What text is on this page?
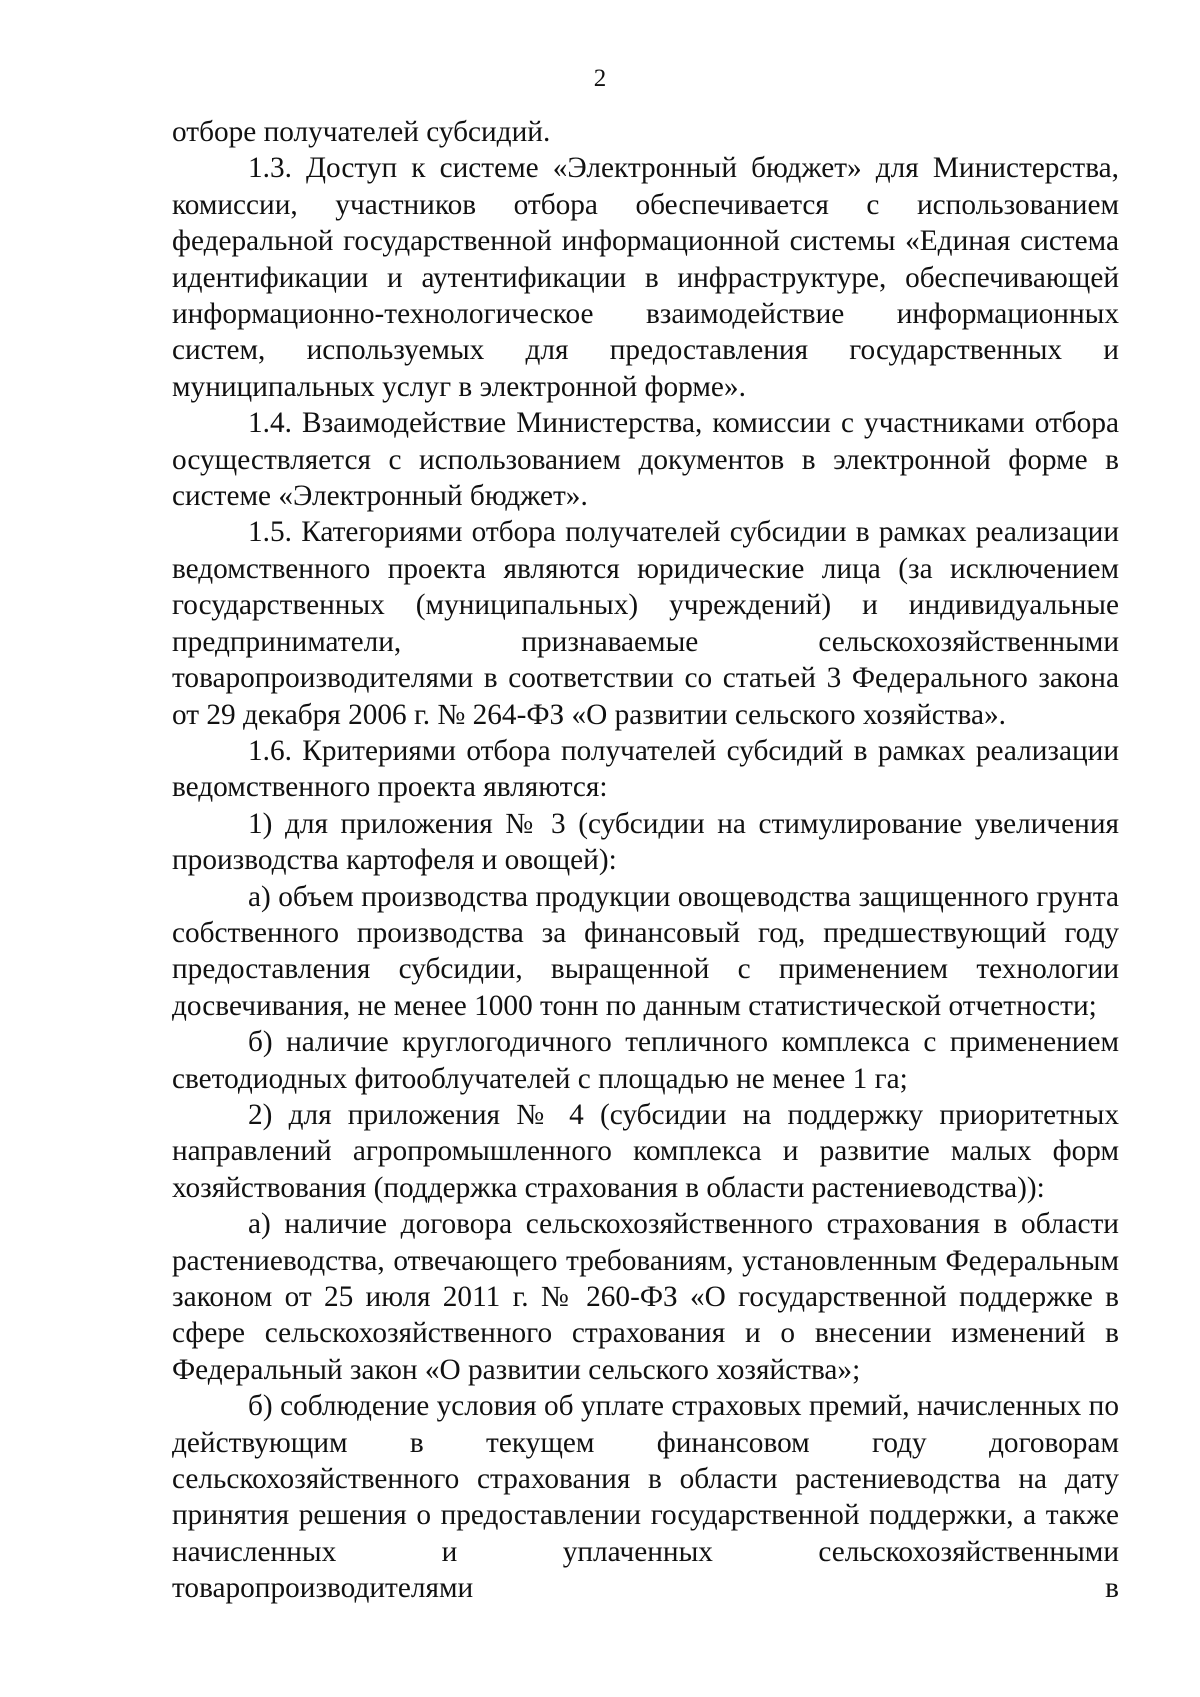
2

отборе получателей субсидий.

1.3. Доступ к системе «Электронный бюджет» для Министерства, комиссии, участников отбора обеспечивается с использованием федеральной государственной информационной системы «Единая система идентификации и аутентификации в инфраструктуре, обеспечивающей информационно-технологическое взаимодействие информационных систем, используемых для предоставления государственных и муниципальных услуг в электронной форме».

1.4. Взаимодействие Министерства, комиссии с участниками отбора осуществляется с использованием документов в электронной форме в системе «Электронный бюджет».

1.5. Категориями отбора получателей субсидии в рамках реализации ведомственного проекта являются юридические лица (за исключением государственных (муниципальных) учреждений) и индивидуальные предприниматели, признаваемые сельскохозяйственными товаропроизводителями в соответствии со статьей 3 Федерального закона от 29 декабря 2006 г. № 264-ФЗ «О развитии сельского хозяйства».

1.6. Критериями отбора получателей субсидий в рамках реализации ведомственного проекта являются:

1) для приложения № 3 (субсидии на стимулирование увеличения производства картофеля и овощей):

а) объем производства продукции овощеводства защищенного грунта собственного производства за финансовый год, предшествующий году предоставления субсидии, выращенной с применением технологии досвечивания, не менее 1000 тонн по данным статистической отчетности;

б) наличие круглогодичного тепличного комплекса с применением светодиодных фитооблучателей с площадью не менее 1 га;

2) для приложения № 4 (субсидии на поддержку приоритетных направлений агропромышленного комплекса и развитие малых форм хозяйствования (поддержка страхования в области растениеводства)):

а) наличие договора сельскохозяйственного страхования в области растениеводства, отвечающего требованиям, установленным Федеральным законом от 25 июля 2011 г. № 260-ФЗ «О государственной поддержке в сфере сельскохозяйственного страхования и о внесении изменений в Федеральный закон «О развитии сельского хозяйства»;

б) соблюдение условия об уплате страховых премий, начисленных по действующим в текущем финансовом году договорам сельскохозяйственного страхования в области растениеводства на дату принятия решения о предоставлении государственной поддержки, а также начисленных и уплаченных сельскохозяйственными товаропроизводителями в
